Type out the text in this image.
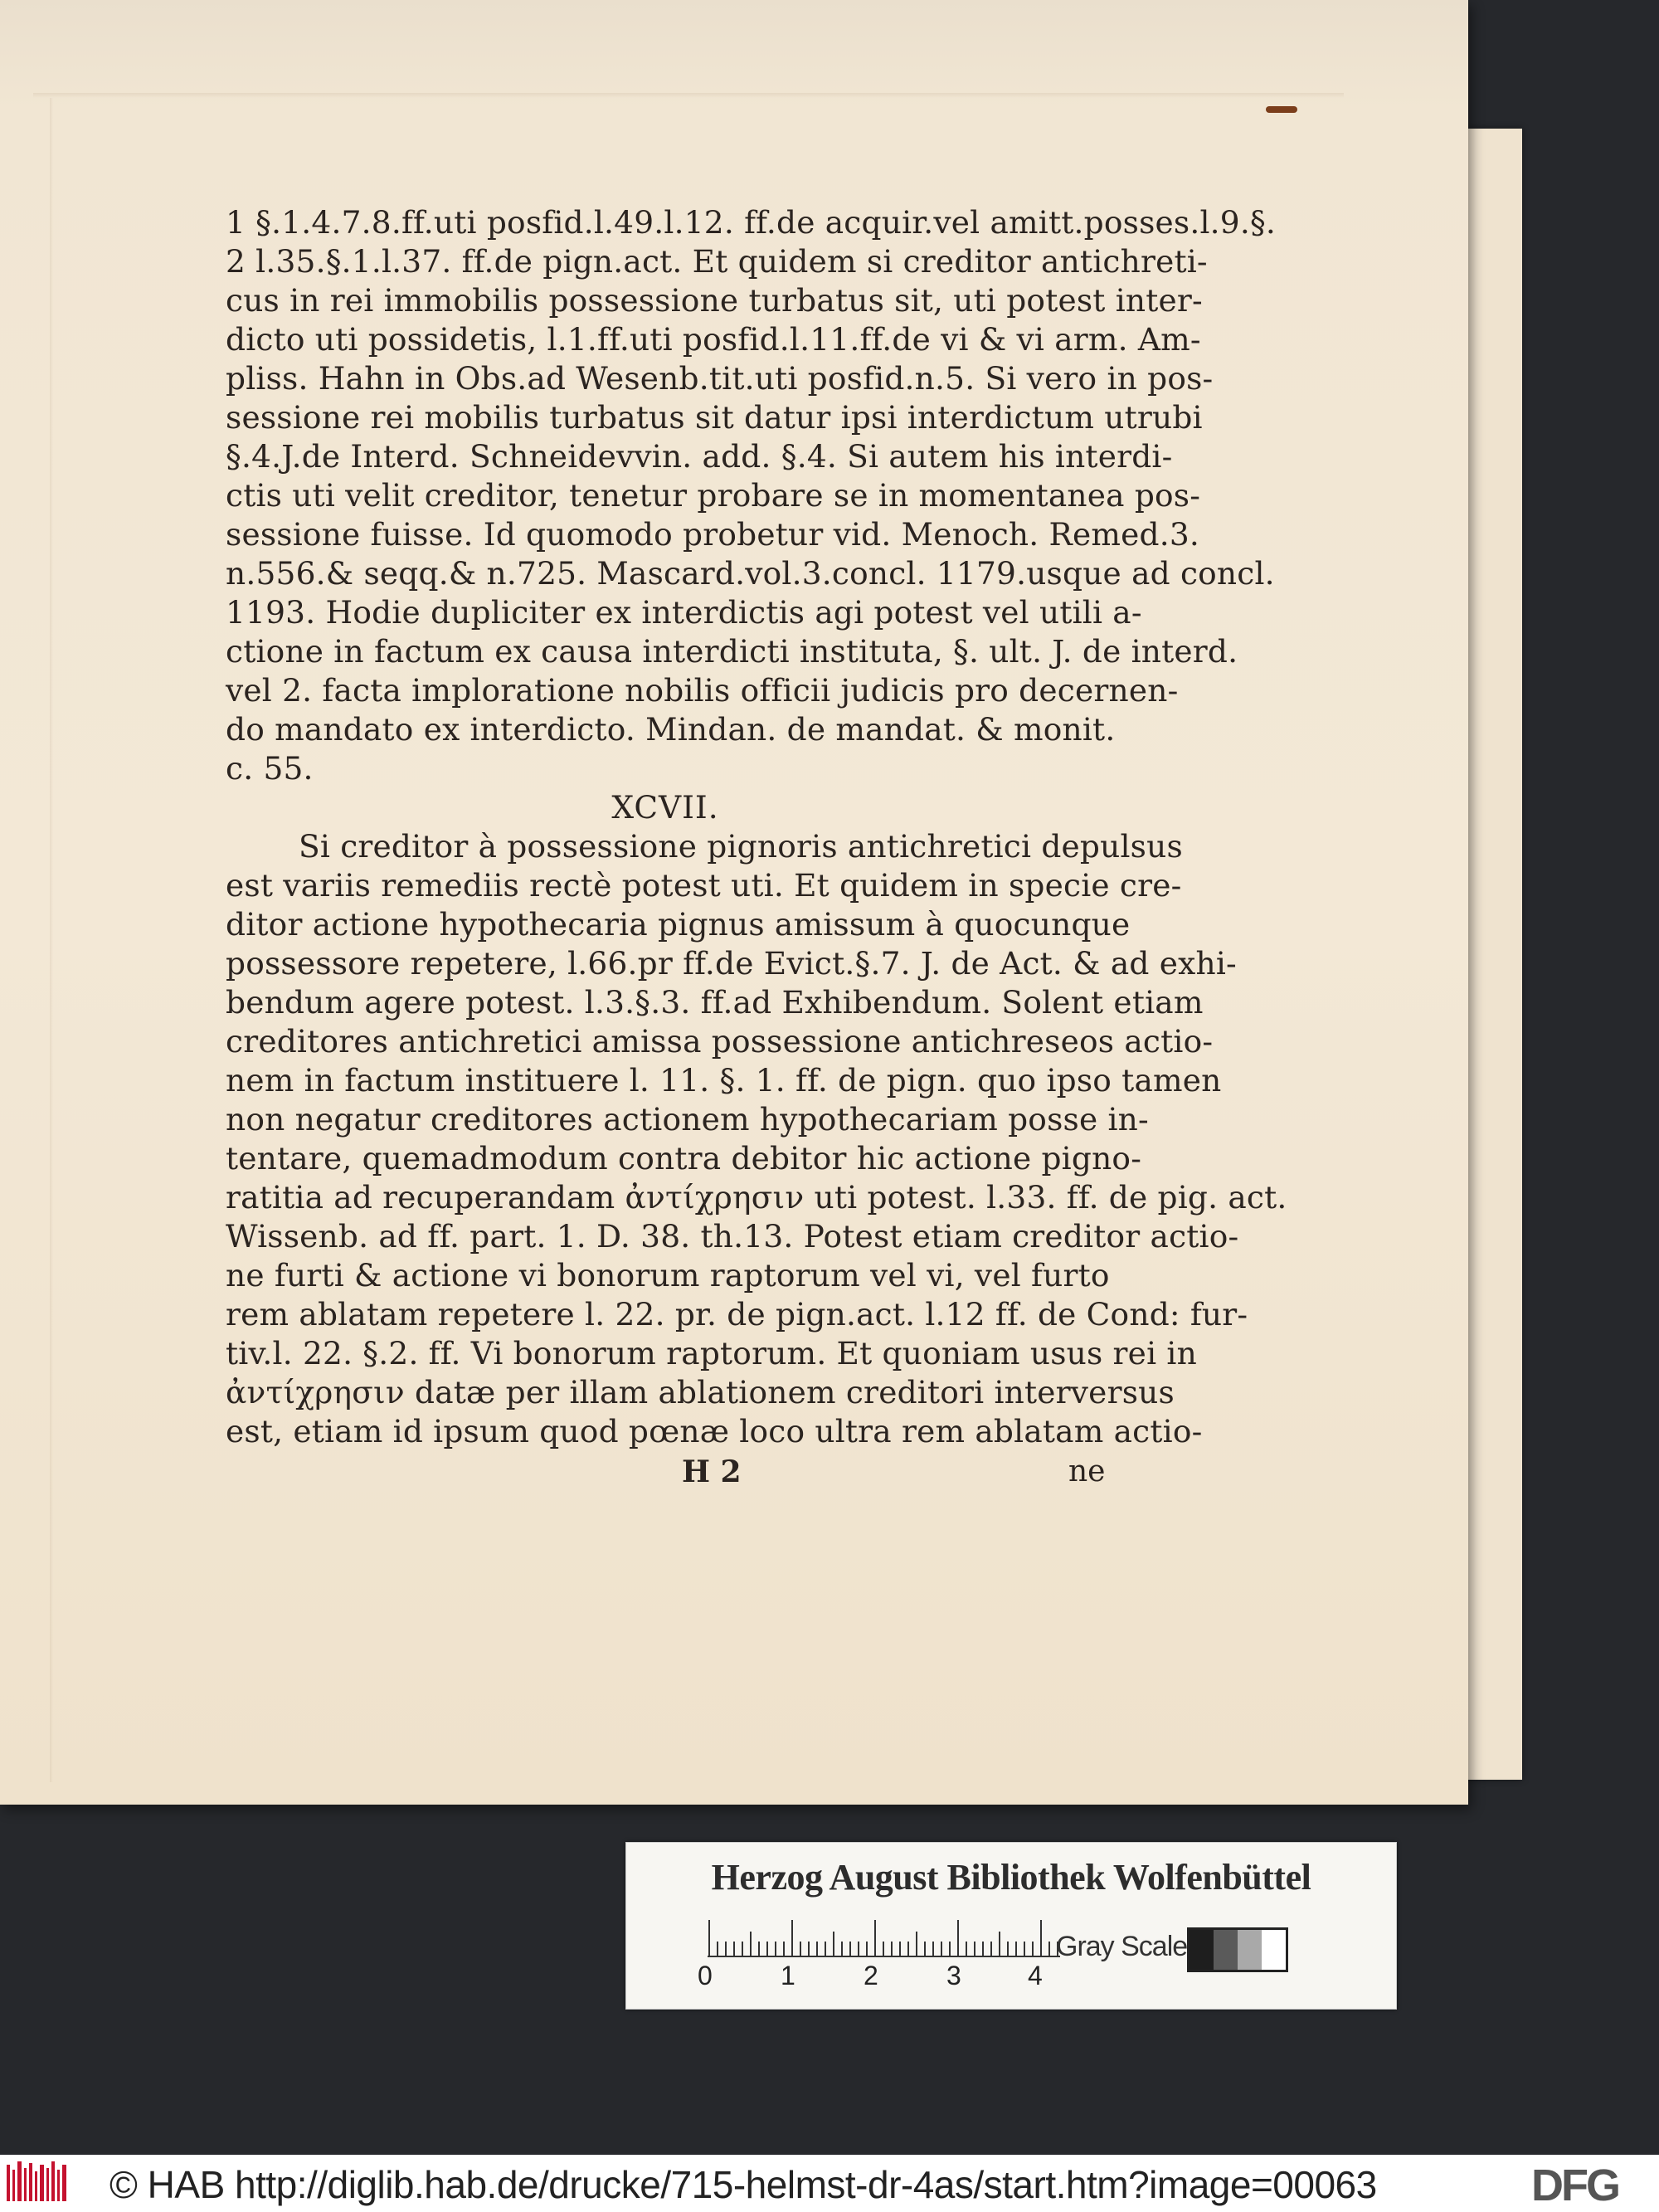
1 §.1.4.7.8.ff.uti posfid.l.49.l.12. ff.de acquir.vel amitt.posses.l.9.§.
2 l.35.§.1.l.37. ff.de pign.act. Et quidem si creditor antichreti-
cus in rei immobilis possessione turbatus sit, uti potest inter-
dicto uti possidetis, l.1.ff.uti posfid.l.11.ff.de vi & vi arm. Am-
pliss. Hahn in Obs.ad Wesenb.tit.uti posfid.n.5. Si vero in pos-
sessione rei mobilis turbatus sit datur ipsi interdictum utrubi
§.4.J.de Interd. Schneidevvin. add. §.4. Si autem his interdi-
ctis uti velit creditor, tenetur probare se in momentanea pos-
sessione fuisse. Id quomodo probetur vid. Menoch. Remed.3.
n.556.& seqq.& n.725. Mascard.vol.3.concl. 1179.usque ad concl.
1193. Hodie dupliciter ex interdictis agi potest vel utili a-
ctione in factum ex causa interdicti instituta, §. ult. J. de interd.
vel 2. facta imploratione nobilis officii judicis pro decernen-
do mandato ex interdicto. Mindan. de mandat. & monit.
c. 55.
XCVII.
Si creditor à possessione pignoris antichretici depulsus
est variis remediis rectè potest uti. Et quidem in specie cre-
ditor actione hypothecaria pignus amissum à quocunque
possessore repetere, l.66.pr ff.de Evict.§.7. J. de Act. & ad exhi-
bendum agere potest. l.3.§.3. ff.ad Exhibendum. Solent etiam
creditores antichretici amissa possessione antichreseos actio-
nem in factum instituere l. 11. §. 1. ff. de pign. quo ipso tamen
non negatur creditores actionem hypothecariam posse in-
tentare, quemadmodum contra debitor hic actione pigno-
ratitia ad recuperandam ἀντίχρησιν uti potest. l.33. ff. de pig. act.
Wissenb. ad ff. part. 1. D. 38. th.13. Potest etiam creditor actio-
ne furti & actione vi bonorum raptorum vel vi, vel furto
rem ablatam repetere l. 22. pr. de pign.act. l.12 ff. de Cond: fur-
tiv.l. 22. §.2. ff. Vi bonorum raptorum. Et quoniam usus rei in
ἀντίχρησιν datæ per illam ablationem creditori interversus
est, etiam id ipsum quod pœnæ loco ultra rem ablatam actio-
H 2	ne
Herzog August Bibliothek Wolfenbüttel
0	1	2	3	4
Gray Scale
© HAB http://diglib.hab.de/drucke/715-helmst-dr-4as/start.htm?image=00063	DFG
